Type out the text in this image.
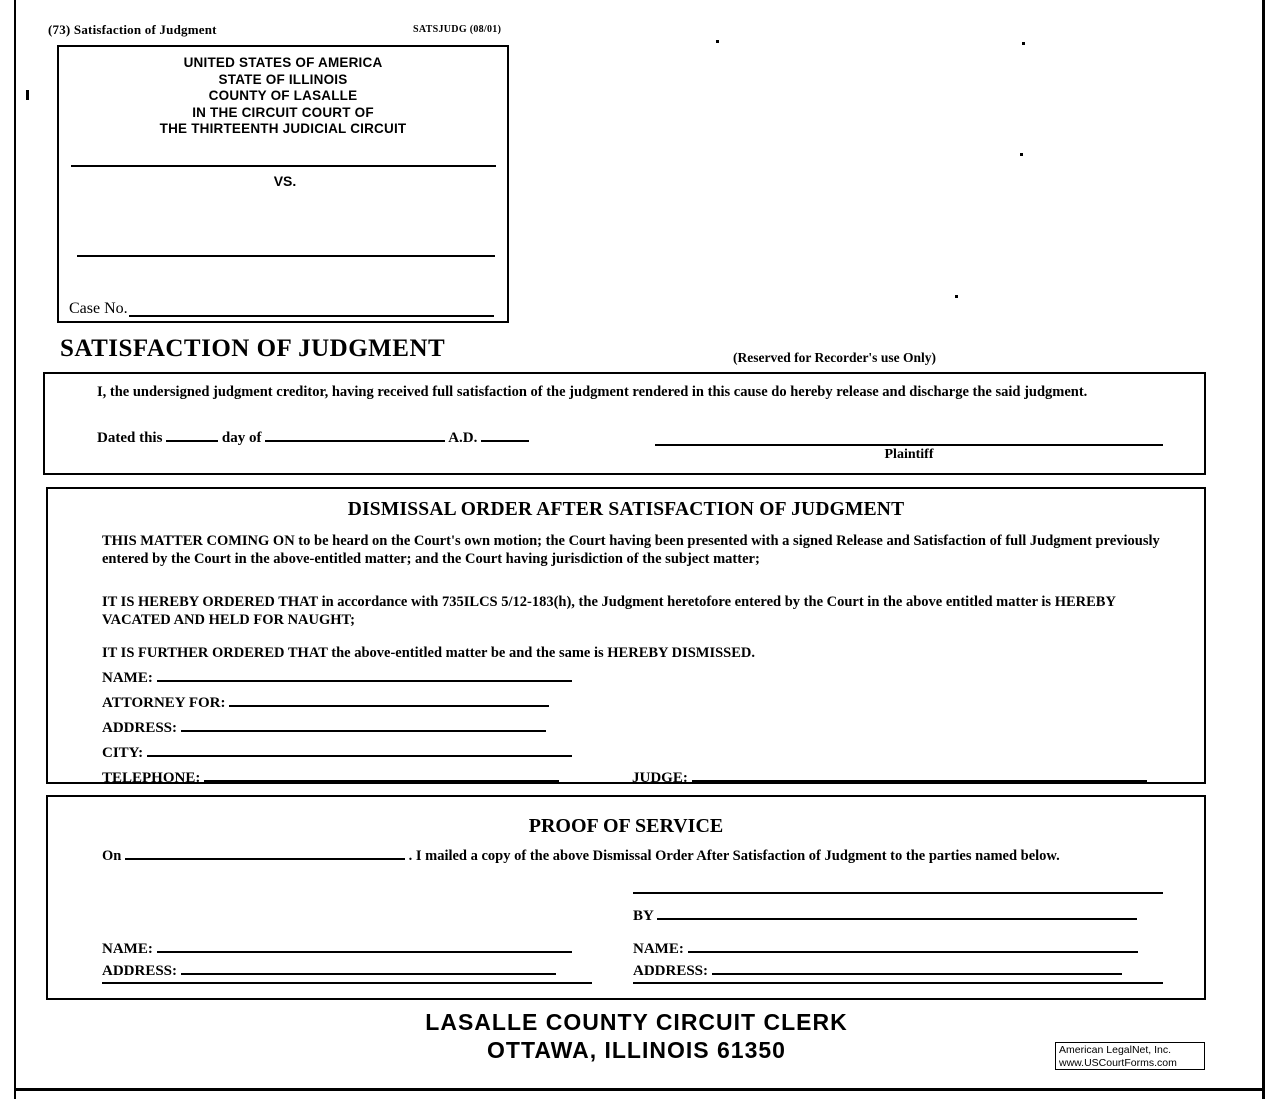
(73) Satisfaction of Judgment	SATSJUDG (08/01)
UNITED STATES OF AMERICA
STATE OF ILLINOIS
COUNTY OF LASALLE
IN THE CIRCUIT COURT OF
THE THIRTEENTH JUDICIAL CIRCUIT
VS.
Case No.
SATISFACTION OF JUDGMENT	(Reserved for Recorder's use Only)
I, the undersigned judgment creditor, having received full satisfaction of the judgment rendered in this cause do hereby release and discharge the said judgment.
Dated this	day of	A.D.
Plaintiff
DISMISSAL ORDER AFTER SATISFACTION OF JUDGMENT
THIS MATTER COMING ON to be heard on the Court's own motion; the Court having been presented with a signed Release and Satisfaction of full Judgment previously entered by the Court in the above-entitled matter; and the Court having jurisdiction of the subject matter;
IT IS HEREBY ORDERED THAT in accordance with 735ILCS 5/12-183(h), the Judgment heretofore entered by the Court in the above entitled matter is HEREBY VACATED AND HELD FOR NAUGHT;
IT IS FURTHER ORDERED THAT the above-entitled matter be and the same is HEREBY DISMISSED.
NAME:
ATTORNEY FOR:
ADDRESS:
CITY:
TELEPHONE:	JUDGE:
PROOF OF SERVICE
On	. I mailed a copy of the above Dismissal Order After Satisfaction of Judgment to the parties named below.
BY
NAME:
ADDRESS:
NAME:
ADDRESS:
LASALLE COUNTY CIRCUIT CLERK
OTTAWA, ILLINOIS 61350	American LegalNet, Inc.
www.USCourtForms.com
